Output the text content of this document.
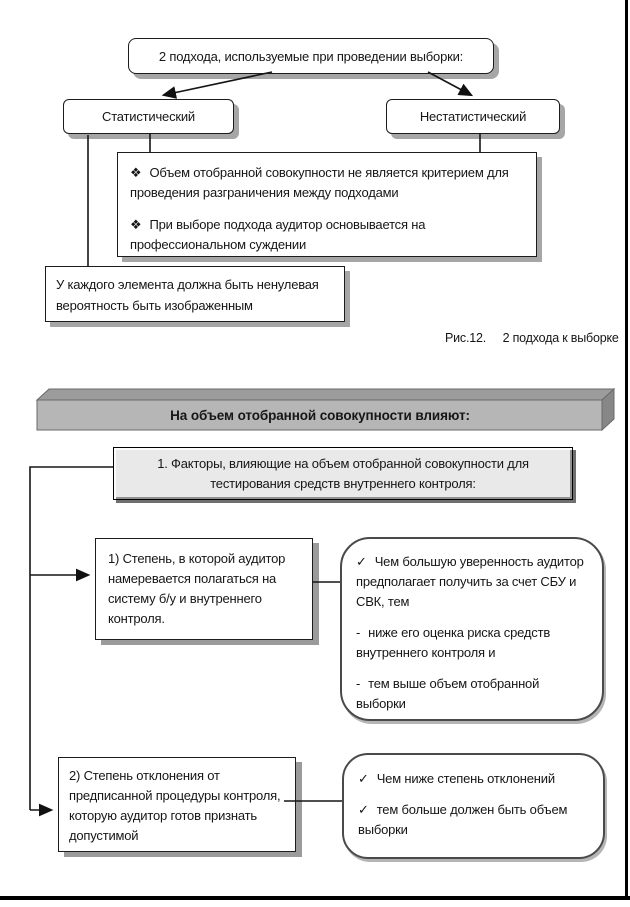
2 подхода, используемые при проведении выборки:
Статистический	Нестатистический
❖ Объем отобранной совокупности не является критерием для проведения разграничения между подходами
❖ При выборе подхода аудитор основывается на профессиональном суждении
У каждого элемента должна быть ненулевая вероятность быть изображенным
Рис.12. 2 подхода к выборке
На объем отобранной совокупности влияют:
1. Факторы, влияющие на объем отобранной совокупности для тестирования средств внутреннего контроля:
1) Степень, в которой аудитор намеревается полагаться на систему б/у и внутреннего контроля.
2) Степень отклонения от предписанной процедуры контроля, которую аудитор готов признать допустимой
✓ Чем большую уверенность аудитор предполагает получить за счет СБУ и СВК, тем
- ниже его оценка риска средств внутреннего контроля и
- тем выше объем отобранной выборки
✓ Чем ниже степень отклонений
✓ тем больше должен быть объем выборки
